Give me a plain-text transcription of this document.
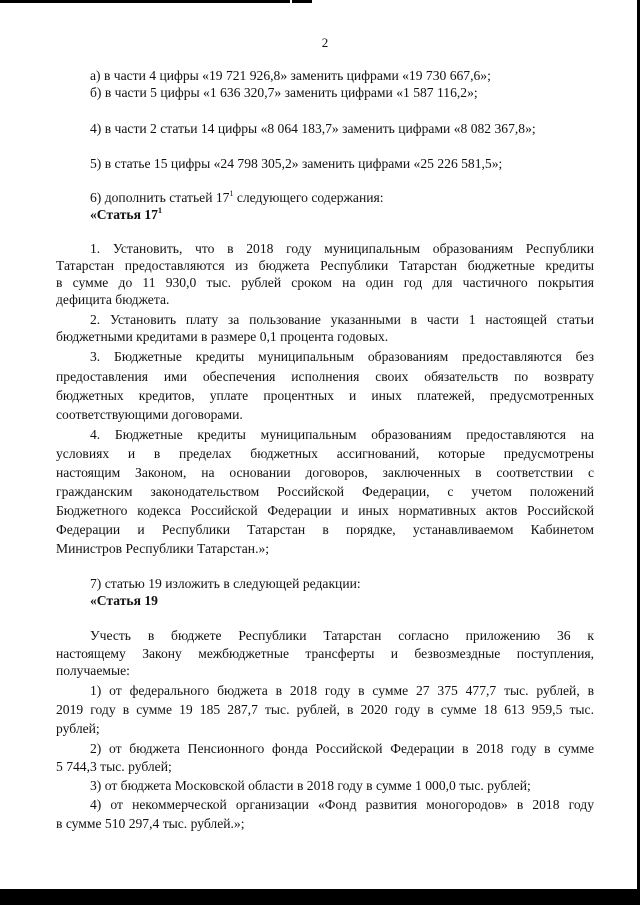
2
а) в части 4 цифры «19 721 926,8» заменить цифрами «19 730 667,6»;
б) в части 5 цифры «1 636 320,7» заменить цифрами «1 587 116,2»;
4) в части 2 статьи 14 цифры «8 064 183,7» заменить цифрами «8 082 367,8»;
5) в статье 15 цифры «24 798 305,2» заменить цифрами «25 226 581,5»;
6) дополнить статьей $17^1$ следующего содержания:
«Статья $17^1$
1. Установить, что в 2018 году муниципальным образованиям Республики
Татарстан предоставляются из бюджета Республики Татарстан бюджетные кредиты
в сумме до 11 930,0 тыс. рублей сроком на один год для частичного покрытия
дефицита бюджета.
2. Установить плату за пользование указанными в части 1 настоящей статьи
бюджетными кредитами в размере 0,1 процента годовых.
3. Бюджетные кредиты муниципальным образованиям предоставляются без
предоставления ими обеспечения исполнения своих обязательств по возврату
бюджетных кредитов, уплате процентных и иных платежей, предусмотренных
соответствующими договорами.
4. Бюджетные кредиты муниципальным образованиям предоставляются на
условиях и в пределах бюджетных ассигнований, которые предусмотрены
настоящим Законом, на основании договоров, заключенных в соответствии с
гражданским законодательством Российской Федерации, с учетом положений
Бюджетного кодекса Российской Федерации и иных нормативных актов Российской
Федерации и Республики Татарстан в порядке, устанавливаемом Кабинетом
Министров Республики Татарстан.»;
7) статью 19 изложить в следующей редакции:
«Статья 19
Учесть в бюджете Республики Татарстан согласно приложению 36 к
настоящему Закону межбюджетные трансферты и безвозмездные поступления,
получаемые:
1) от федерального бюджета в 2018 году в сумме 27 375 477,7 тыс. рублей, в
2019 году в сумме 19 185 287,7 тыс. рублей, в 2020 году в сумме 18 613 959,5 тыс.
рублей;
2) от бюджета Пенсионного фонда Российской Федерации в 2018 году в сумме
5 744,3 тыс. рублей;
3) от бюджета Московской области в 2018 году в сумме 1 000,0 тыс. рублей;
4) от некоммерческой организации «Фонд развития моногородов» в 2018 году
в сумме 510 297,4 тыс. рублей.»;
